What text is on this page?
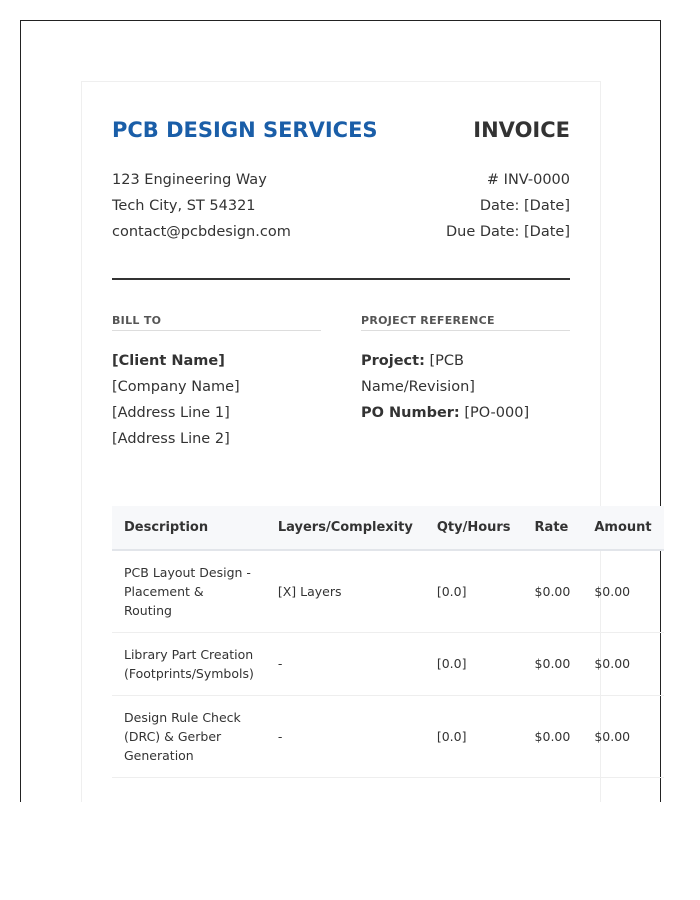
PCB DESIGN SERVICES	INVOICE
123 Engineering Way
Tech City, ST 54321
contact@pcbdesign.com
# INV-0000
Date: [Date]
Due Date: [Date]
BILL TO	PROJECT REFERENCE
[Client Name]
[Company Name]
[Address Line 1]
[Address Line 2]
Project: [PCB
Name/Revision]
PO Number: [PO-000]
Description	Layers/Complexity	Qty/Hours	Rate	Amount
PCB Layout Design - Placement & Routing	[X] Layers	[0.0]	$0.00	$0.00
Library Part Creation (Footprints/Symbols)	-	[0.0]	$0.00	$0.00
Design Rule Check (DRC) & Gerber Generation	-	[0.0]	$0.00	$0.00
